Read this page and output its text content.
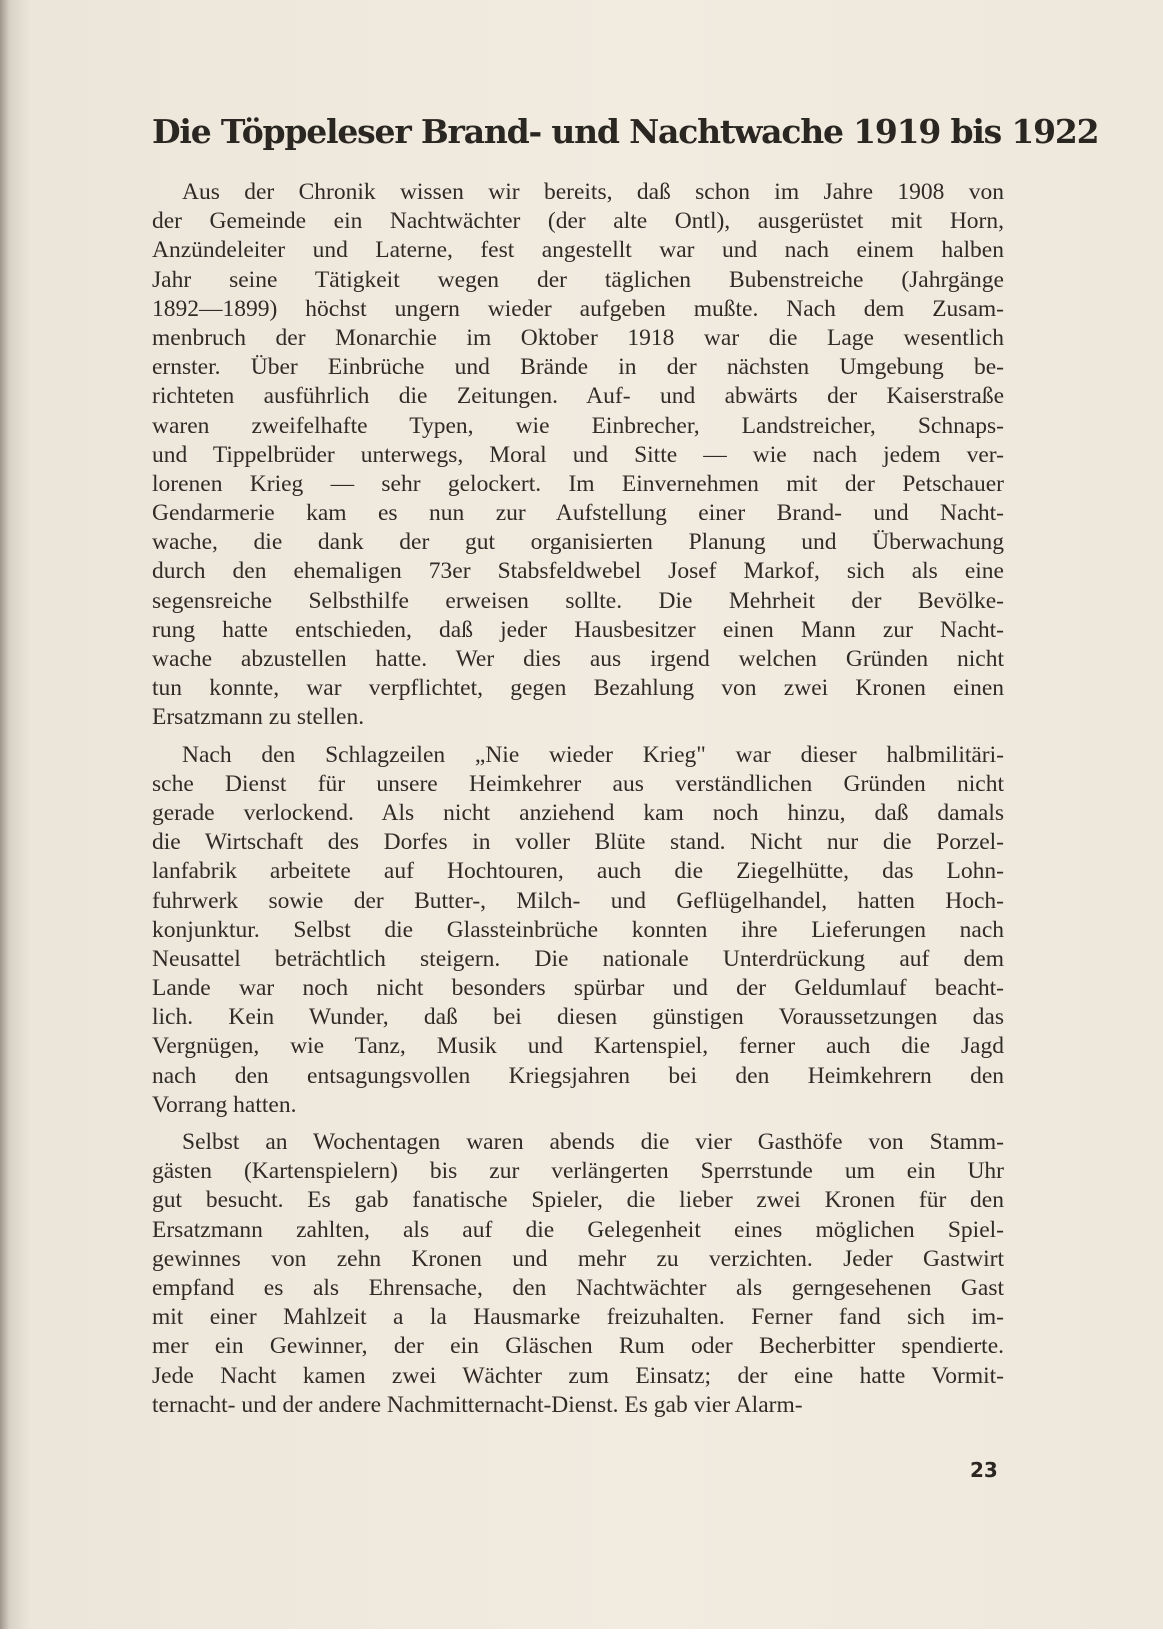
Die Töppeleser Brand- und Nachtwache 1919 bis 1922
Aus der Chronik wissen wir bereits, daß schon im Jahre 1908 von
der Gemeinde ein Nachtwächter (der alte Ontl), ausgerüstet mit Horn,
Anzündeleiter und Laterne, fest angestellt war und nach einem halben
Jahr seine Tätigkeit wegen der täglichen Bubenstreiche (Jahrgänge
1892—1899) höchst ungern wieder aufgeben mußte. Nach dem Zusam-
menbruch der Monarchie im Oktober 1918 war die Lage wesentlich
ernster. Über Einbrüche und Brände in der nächsten Umgebung be-
richteten ausführlich die Zeitungen. Auf- und abwärts der Kaiserstraße
waren zweifelhafte Typen, wie Einbrecher, Landstreicher, Schnaps-
und Tippelbrüder unterwegs, Moral und Sitte — wie nach jedem ver-
lorenen Krieg — sehr gelockert. Im Einvernehmen mit der Petschauer
Gendarmerie kam es nun zur Aufstellung einer Brand- und Nacht-
wache, die dank der gut organisierten Planung und Überwachung
durch den ehemaligen 73er Stabsfeldwebel Josef Markof, sich als eine
segensreiche Selbsthilfe erweisen sollte. Die Mehrheit der Bevölke-
rung hatte entschieden, daß jeder Hausbesitzer einen Mann zur Nacht-
wache abzustellen hatte. Wer dies aus irgend welchen Gründen nicht
tun konnte, war verpflichtet, gegen Bezahlung von zwei Kronen einen
Ersatzmann zu stellen.
Nach den Schlagzeilen „Nie wieder Krieg" war dieser halbmilitäri-
sche Dienst für unsere Heimkehrer aus verständlichen Gründen nicht
gerade verlockend. Als nicht anziehend kam noch hinzu, daß damals
die Wirtschaft des Dorfes in voller Blüte stand. Nicht nur die Porzel-
lanfabrik arbeitete auf Hochtouren, auch die Ziegelhütte, das Lohn-
fuhrwerk sowie der Butter-, Milch- und Geflügelhandel, hatten Hoch-
konjunktur. Selbst die Glassteinbrüche konnten ihre Lieferungen nach
Neusattel beträchtlich steigern. Die nationale Unterdrückung auf dem
Lande war noch nicht besonders spürbar und der Geldumlauf beacht-
lich. Kein Wunder, daß bei diesen günstigen Voraussetzungen das
Vergnügen, wie Tanz, Musik und Kartenspiel, ferner auch die Jagd
nach den entsagungsvollen Kriegsjahren bei den Heimkehrern den
Vorrang hatten.
Selbst an Wochentagen waren abends die vier Gasthöfe von Stamm-
gästen (Kartenspielern) bis zur verlängerten Sperrstunde um ein Uhr
gut besucht. Es gab fanatische Spieler, die lieber zwei Kronen für den
Ersatzmann zahlten, als auf die Gelegenheit eines möglichen Spiel-
gewinnes von zehn Kronen und mehr zu verzichten. Jeder Gastwirt
empfand es als Ehrensache, den Nachtwächter als gerngesehenen Gast
mit einer Mahlzeit a la Hausmarke freizuhalten. Ferner fand sich im-
mer ein Gewinner, der ein Gläschen Rum oder Becherbitter spendierte.
Jede Nacht kamen zwei Wächter zum Einsatz; der eine hatte Vormit-
ternacht- und der andere Nachmitternacht-Dienst. Es gab vier Alarm-
23
